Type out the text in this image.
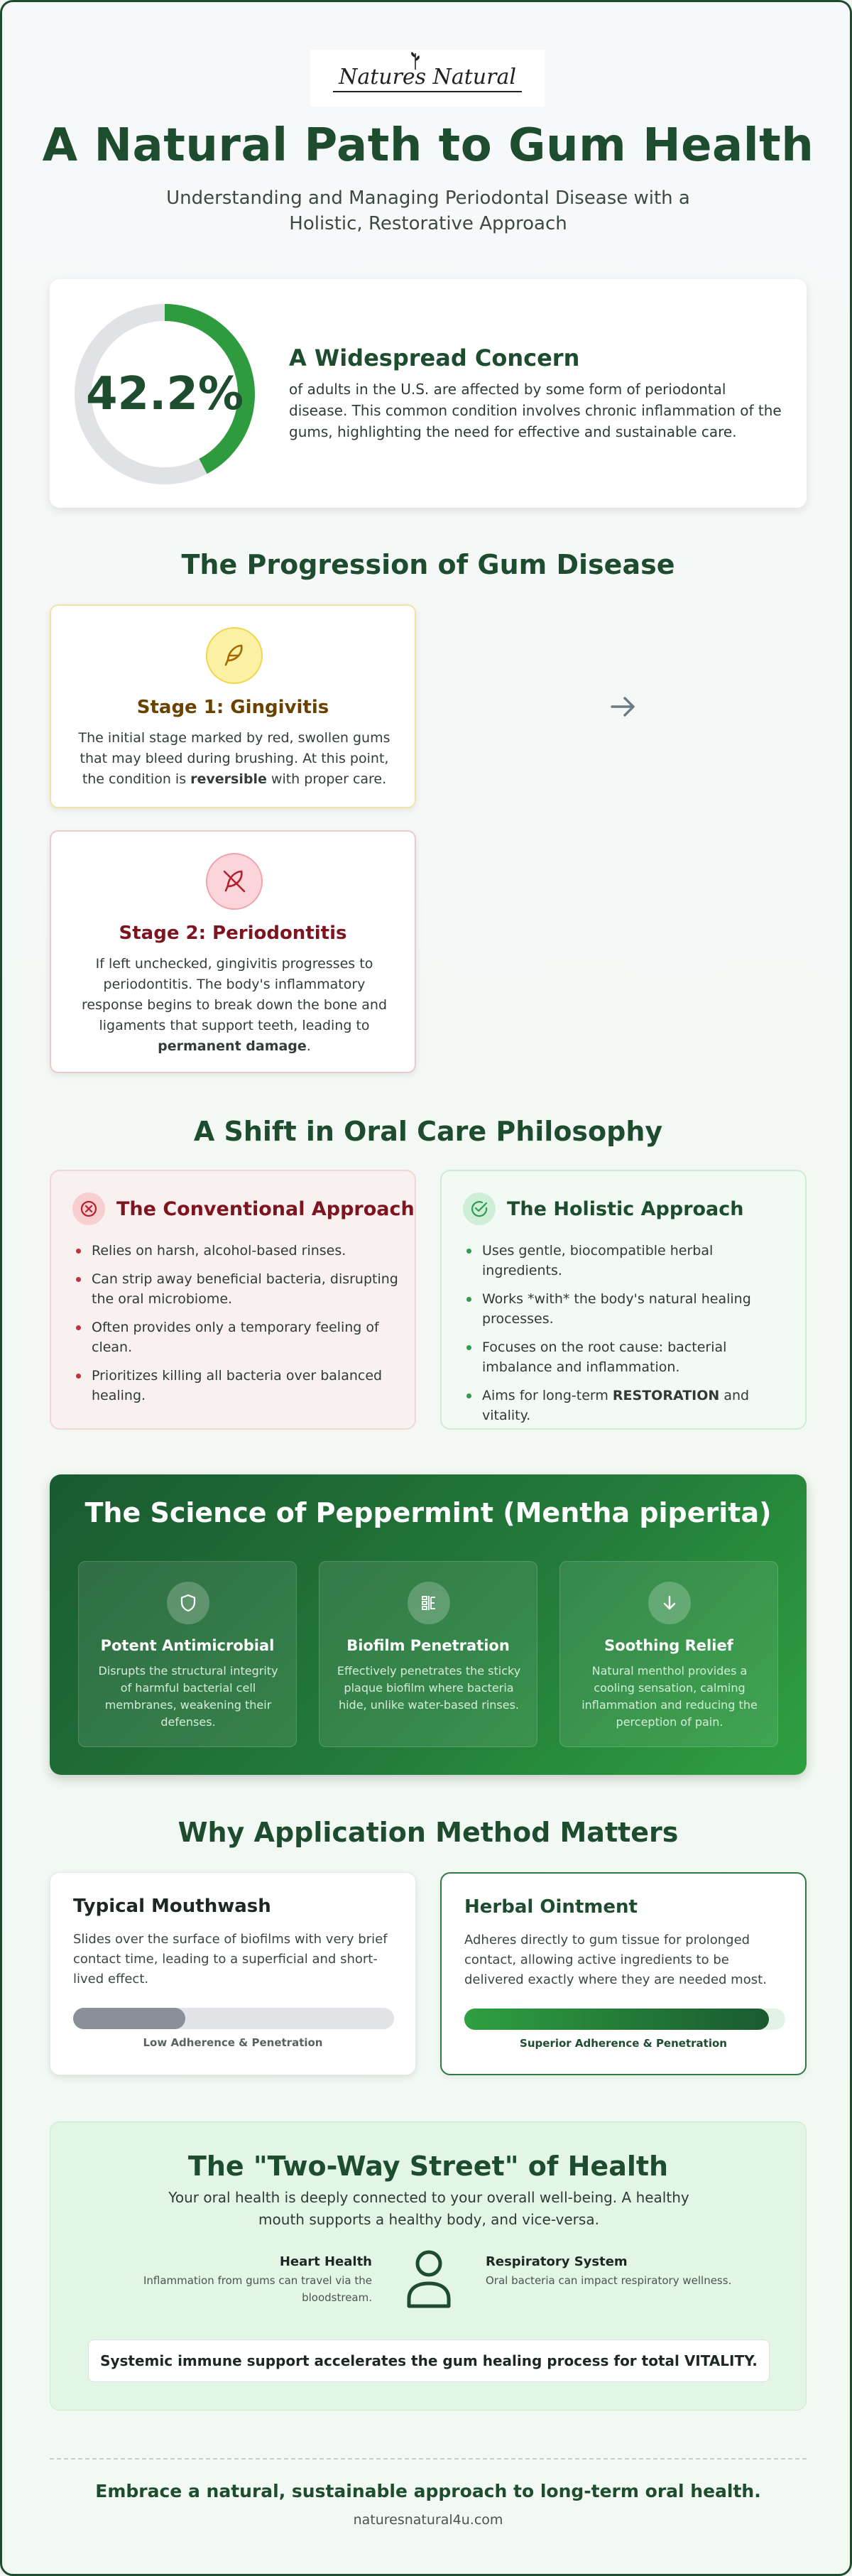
Natures Natural
A Natural Path to Gum Health

Understanding and Managing Periodontal Disease with a Holistic, Restorative Approach

42.2%
A Widespread Concern

of adults in the U.S. are affected by some form of periodontal disease. This common condition involves chronic inflammation of the gums, highlighting the need for effective and sustainable care.

The Progression of Gum Disease
Stage 1: Gingivitis

The initial stage marked by red, swollen gums that may bleed during brushing. At this point, the condition is reversible with proper care.

Stage 2: Periodontitis

If left unchecked, gingivitis progresses to periodontitis. The body's inflammatory response begins to break down the bone and ligaments that support teeth, leading to permanent damage.

A Shift in Oral Care Philosophy
The Conventional Approach
Relies on harsh, alcohol-based rinses.
Can strip away beneficial bacteria, disrupting the oral microbiome.
Often provides only a temporary feeling of clean.
Prioritizes killing all bacteria over balanced healing.
The Holistic Approach
Uses gentle, biocompatible herbal ingredients.
Works *with* the body's natural healing processes.
Focuses on the root cause: bacterial imbalance and inflammation.
Aims for long-term RESTORATION and vitality.
The Science of Peppermint (Mentha piperita)
Potent Antimicrobial
Disrupts the structural integrity of harmful bacterial cell membranes, weakening their defenses.
Biofilm Penetration
Effectively penetrates the sticky plaque biofilm where bacteria hide, unlike water-based rinses.
Soothing Relief
Natural menthol provides a cooling sensation, calming inflammation and reducing the perception of pain.
Why Application Method Matters
Typical Mouthwash

Slides over the surface of biofilms with very brief contact time, leading to a superficial and short-lived effect.

Low Adherence & Penetration
Herbal Ointment

Adheres directly to gum tissue for prolonged contact, allowing active ingredients to be delivered exactly where they are needed most.

Superior Adherence & Penetration
The "Two-Way Street" of Health

Your oral health is deeply connected to your overall well-being. A healthy mouth supports a healthy body, and vice-versa.

Heart Health
Inflammation from gums can travel via the bloodstream.
Respiratory System
Oral bacteria can impact respiratory wellness.
Systemic immune support accelerates the gum healing process for total VITALITY.
Embrace a natural, sustainable approach to long-term oral health.
naturesnatural4u.com
